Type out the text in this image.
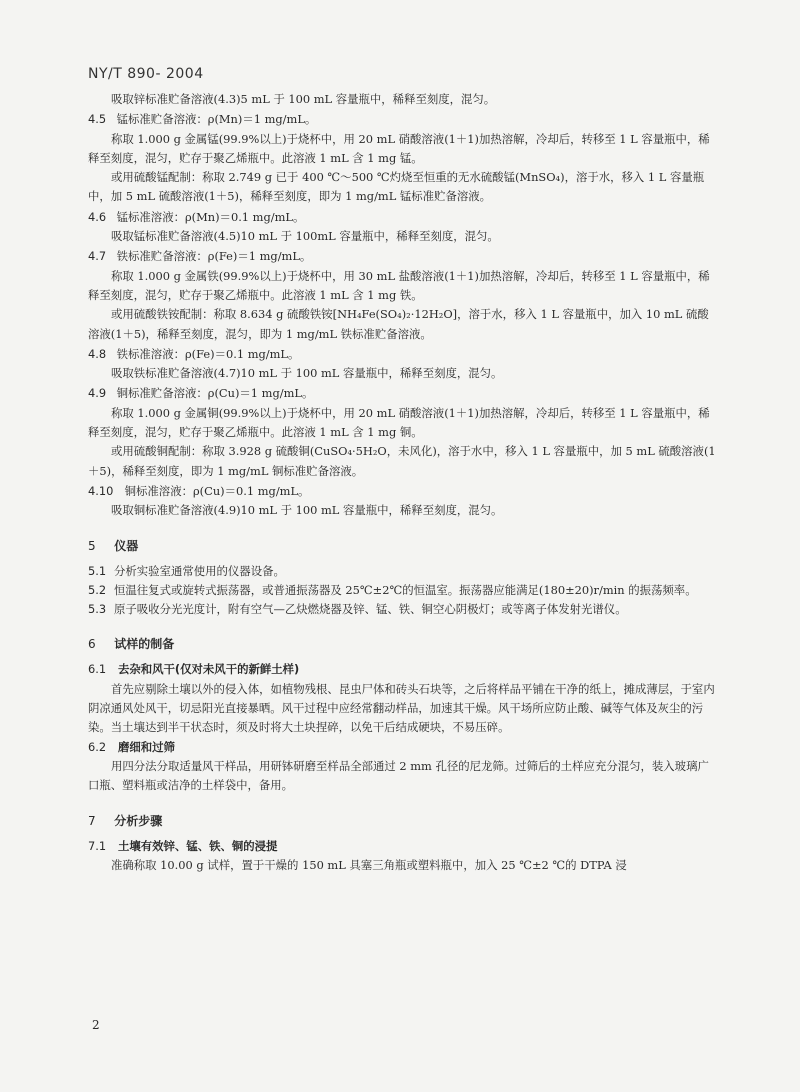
NY/T 890- 2004

吸取锌标准贮备溶液(4.3)5 mL 于 100 mL 容量瓶中，稀释至刻度，混匀。

4.5 锰标准贮备溶液：ρ(Mn)＝1 mg/mL。

称取 1.000 g 金属锰(99.9%以上)于烧杯中，用 20 mL 硝酸溶液(1＋1)加热溶解，冷却后，转移至 1 L 容量瓶中，稀释至刻度，混匀，贮存于聚乙烯瓶中。此溶液 1 mL 含 1 mg 锰。

或用硫酸锰配制：称取 2.749 g 已于 400 ℃～500 ℃灼烧至恒重的无水硫酸锰(MnSO₄)，溶于水，移入 1 L 容量瓶中，加 5 mL 硫酸溶液(1＋5)，稀释至刻度，即为 1 mg/mL 锰标准贮备溶液。

4.6 锰标准溶液：ρ(Mn)＝0.1 mg/mL。

吸取锰标准贮备溶液(4.5)10 mL 于 100mL 容量瓶中，稀释至刻度，混匀。

4.7 铁标准贮备溶液：ρ(Fe)＝1 mg/mL。

称取 1.000 g 金属铁(99.9%以上)于烧杯中，用 30 mL 盐酸溶液(1＋1)加热溶解，冷却后，转移至 1 L 容量瓶中，稀释至刻度，混匀，贮存于聚乙烯瓶中。此溶液 1 mL 含 1 mg 铁。

或用硫酸铁铵配制：称取 8.634 g 硫酸铁铵[NH₄Fe(SO₄)₂·12H₂O]，溶于水，移入 1 L 容量瓶中，加入 10 mL 硫酸溶液(1＋5)，稀释至刻度，混匀，即为 1 mg/mL 铁标准贮备溶液。

4.8 铁标准溶液：ρ(Fe)＝0.1 mg/mL。

吸取铁标准贮备溶液(4.7)10 mL 于 100 mL 容量瓶中，稀释至刻度，混匀。

4.9 铜标准贮备溶液：ρ(Cu)＝1 mg/mL。

称取 1.000 g 金属铜(99.9%以上)于烧杯中，用 20 mL 硝酸溶液(1＋1)加热溶解，冷却后，转移至 1 L 容量瓶中，稀释至刻度，混匀，贮存于聚乙烯瓶中。此溶液 1 mL 含 1 mg 铜。

或用硫酸铜配制：称取 3.928 g 硫酸铜(CuSO₄·5H₂O，未风化)，溶于水中，移入 1 L 容量瓶中，加 5 mL 硫酸溶液(1＋5)，稀释至刻度，即为 1 mg/mL 铜标准贮备溶液。

4.10 铜标准溶液：ρ(Cu)＝0.1 mg/mL。

吸取铜标准贮备溶液(4.9)10 mL 于 100 mL 容量瓶中，稀释至刻度，混匀。

5 仪器

5.1 分析实验室通常使用的仪器设备。

5.2 恒温往复式或旋转式振荡器，或普通振荡器及 25℃±2℃的恒温室。振荡器应能满足(180±20)r/min 的振荡频率。

5.3 原子吸收分光光度计，附有空气—乙炔燃烧器及锌、锰、铁、铜空心阴极灯；或等离子体发射光谱仪。

6 试样的制备
6.1 去杂和风干(仅对未风干的新鲜土样)

首先应剔除土壤以外的侵入体，如植物残根、昆虫尸体和砖头石块等，之后将样品平铺在干净的纸上，摊成薄层，于室内阴凉通风处风干，切忌阳光直接暴晒。风干过程中应经常翻动样品，加速其干燥。风干场所应防止酸、碱等气体及灰尘的污染。当土壤达到半干状态时，须及时将大土块捏碎，以免干后结成硬块，不易压碎。

6.2 磨细和过筛

用四分法分取适量风干样品，用研钵研磨至样品全部通过 2 mm 孔径的尼龙筛。过筛后的土样应充分混匀，装入玻璃广口瓶、塑料瓶或洁净的土样袋中，备用。

7 分析步骤
7.1 土壤有效锌、锰、铁、铜的浸提

准确称取 10.00 g 试样，置于干燥的 150 mL 具塞三角瓶或塑料瓶中，加入 25 ℃±2 ℃的 DTPA 浸

2
